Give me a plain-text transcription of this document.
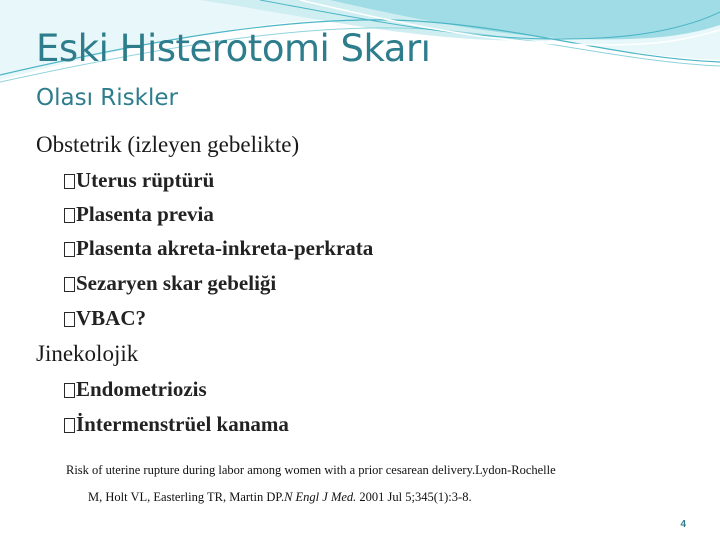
Eski Histerotomi Skarı
Olası Riskler
Obstetrik (izleyen gebelikte)
Uterus rüptürü
Plasenta previa
Plasenta akreta-inkreta-perkrata
Sezaryen skar gebeliği
VBAC?
Jinekolojik
Endometriozis
İntermenstrüel kanama
Risk of uterine rupture during labor among women with a prior cesarean delivery.Lydon-Rochelle
M, Holt VL, Easterling TR, Martin DP.N Engl J Med. 2001 Jul 5;345(1):3-8.
4
